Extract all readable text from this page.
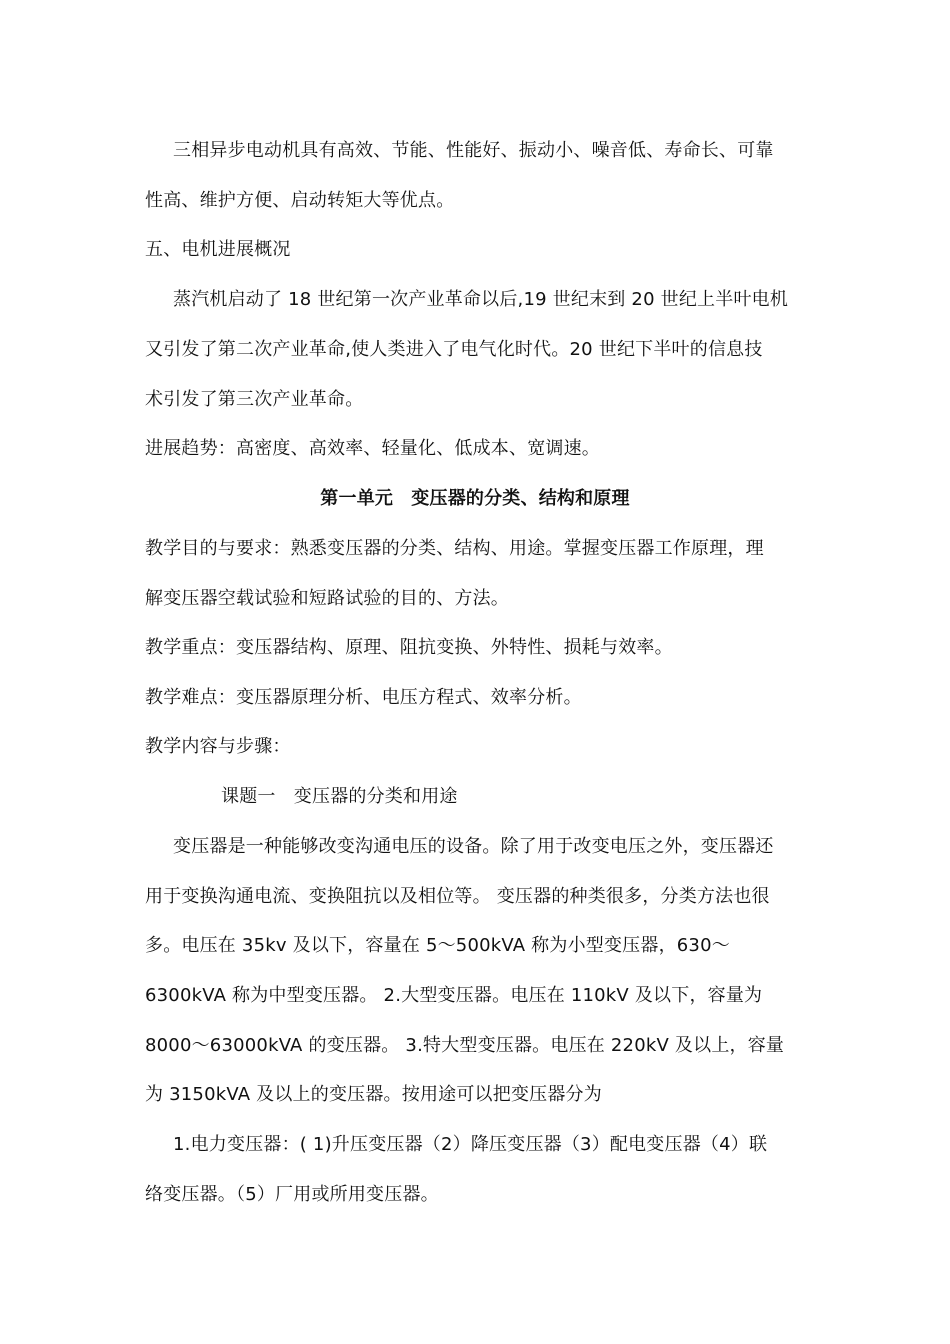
三相异步电动机具有高效、节能、性能好、振动小、噪音低、寿命长、可靠
性高、维护方便、启动转矩大等优点。
五、电机进展概况
蒸汽机启动了 18 世纪第一次产业革命以后,19 世纪末到 20 世纪上半叶电机
又引发了第二次产业革命,使人类进入了电气化时代。20 世纪下半叶的信息技
术引发了第三次产业革命。
进展趋势：高密度、高效率、轻量化、低成本、宽调速。
第一单元　变压器的分类、结构和原理
教学目的与要求：熟悉变压器的分类、结构、用途。掌握变压器工作原理，理
解变压器空载试验和短路试验的目的、方法。
教学重点：变压器结构、原理、阻抗变换、外特性、损耗与效率。
教学难点：变压器原理分析、电压方程式、效率分析。
教学内容与步骤：
课题一　变压器的分类和用途
变压器是一种能够改变沟通电压的设备。除了用于改变电压之外，变压器还
用于变换沟通电流、变换阻抗以及相位等。 变压器的种类很多，分类方法也很
多。电压在 35kv 及以下，容量在 5～500kVA 称为小型变压器，630～
6300kVA 称为中型变压器。 2.大型变压器。电压在 110kV 及以下，容量为
8000～63000kVA 的变压器。 3.特大型变压器。电压在 220kV 及以上，容量
为 3150kVA 及以上的变压器。按用途可以把变压器分为
1.电力变压器：( 1)升压变压器（2）降压变压器（3）配电变压器（4）联
络变压器。（5）厂用或所用变压器。
